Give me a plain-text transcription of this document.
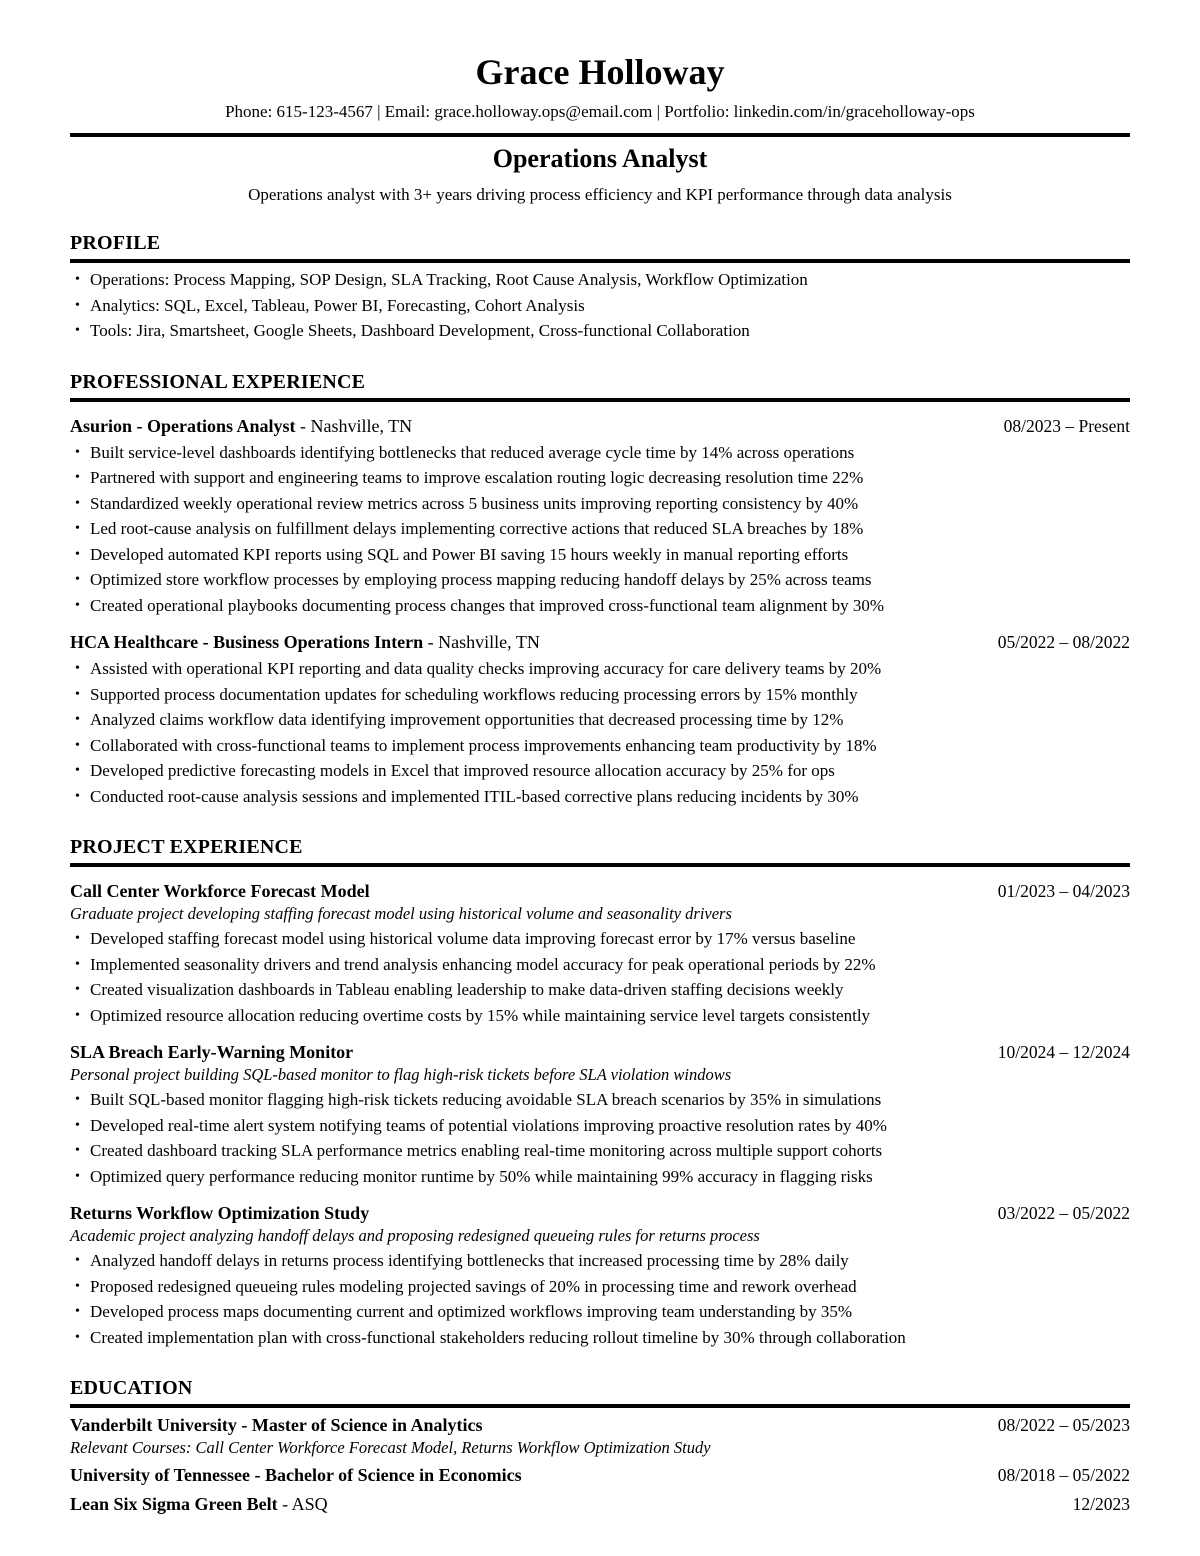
Grace Holloway
Phone: 615-123-4567 | Email: grace.holloway.ops@email.com | Portfolio: linkedin.com/in/graceholloway-ops
Operations Analyst
Operations analyst with 3+ years driving process efficiency and KPI performance through data analysis
PROFILE
• Operations: Process Mapping, SOP Design, SLA Tracking, Root Cause Analysis, Workflow Optimization
• Analytics: SQL, Excel, Tableau, Power BI, Forecasting, Cohort Analysis
• Tools: Jira, Smartsheet, Google Sheets, Dashboard Development, Cross-functional Collaboration
PROFESSIONAL EXPERIENCE
Asurion - Operations Analyst - Nashville, TN	08/2023 – Present
• Built service-level dashboards identifying bottlenecks that reduced average cycle time by 14% across operations
• Partnered with support and engineering teams to improve escalation routing logic decreasing resolution time 22%
• Standardized weekly operational review metrics across 5 business units improving reporting consistency by 40%
• Led root-cause analysis on fulfillment delays implementing corrective actions that reduced SLA breaches by 18%
• Developed automated KPI reports using SQL and Power BI saving 15 hours weekly in manual reporting efforts
• Optimized store workflow processes by employing process mapping reducing handoff delays by 25% across teams
• Created operational playbooks documenting process changes that improved cross-functional team alignment by 30%
HCA Healthcare - Business Operations Intern - Nashville, TN	05/2022 – 08/2022
• Assisted with operational KPI reporting and data quality checks improving accuracy for care delivery teams by 20%
• Supported process documentation updates for scheduling workflows reducing processing errors by 15% monthly
• Analyzed claims workflow data identifying improvement opportunities that decreased processing time by 12%
• Collaborated with cross-functional teams to implement process improvements enhancing team productivity by 18%
• Developed predictive forecasting models in Excel that improved resource allocation accuracy by 25% for ops
• Conducted root-cause analysis sessions and implemented ITIL-based corrective plans reducing incidents by 30%
PROJECT EXPERIENCE
Call Center Workforce Forecast Model	01/2023 – 04/2023
Graduate project developing staffing forecast model using historical volume and seasonality drivers
• Developed staffing forecast model using historical volume data improving forecast error by 17% versus baseline
• Implemented seasonality drivers and trend analysis enhancing model accuracy for peak operational periods by 22%
• Created visualization dashboards in Tableau enabling leadership to make data-driven staffing decisions weekly
• Optimized resource allocation reducing overtime costs by 15% while maintaining service level targets consistently
SLA Breach Early-Warning Monitor	10/2024 – 12/2024
Personal project building SQL-based monitor to flag high-risk tickets before SLA violation windows
• Built SQL-based monitor flagging high-risk tickets reducing avoidable SLA breach scenarios by 35% in simulations
• Developed real-time alert system notifying teams of potential violations improving proactive resolution rates by 40%
• Created dashboard tracking SLA performance metrics enabling real-time monitoring across multiple support cohorts
• Optimized query performance reducing monitor runtime by 50% while maintaining 99% accuracy in flagging risks
Returns Workflow Optimization Study	03/2022 – 05/2022
Academic project analyzing handoff delays and proposing redesigned queueing rules for returns process
• Analyzed handoff delays in returns process identifying bottlenecks that increased processing time by 28% daily
• Proposed redesigned queueing rules modeling projected savings of 20% in processing time and rework overhead
• Developed process maps documenting current and optimized workflows improving team understanding by 35%
• Created implementation plan with cross-functional stakeholders reducing rollout timeline by 30% through collaboration
EDUCATION
Vanderbilt University - Master of Science in Analytics	08/2022 – 05/2023
Relevant Courses: Call Center Workforce Forecast Model, Returns Workflow Optimization Study
University of Tennessee - Bachelor of Science in Economics	08/2018 – 05/2022
Lean Six Sigma Green Belt - ASQ	12/2023
